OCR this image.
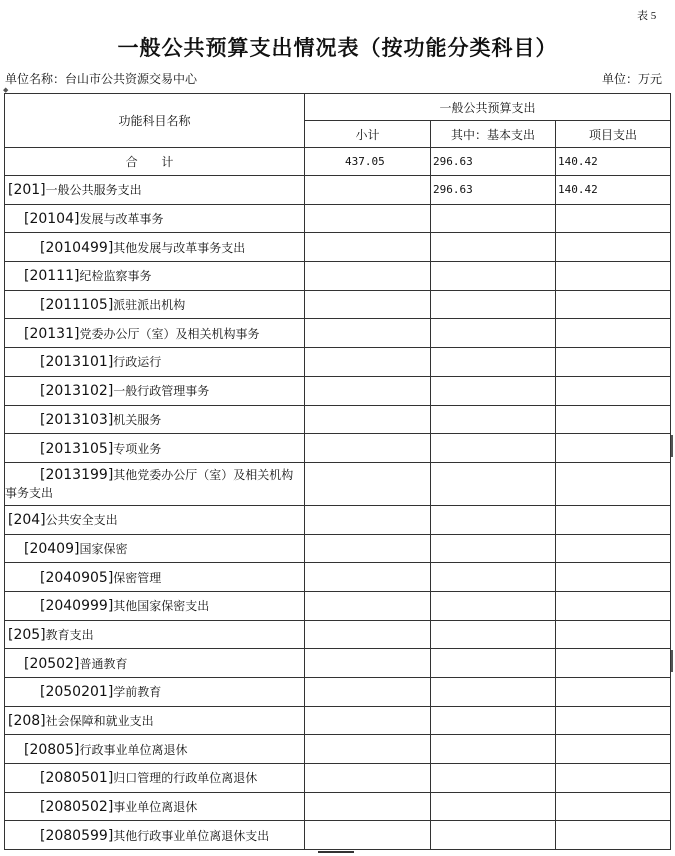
表 5
一般公共预算支出情况表（按功能分类科目）
单位名称：台山市公共资源交易中心	单位：万元
◆
功能科目名称	一般公共预算支出		
	小计	其中：基本支出	项目支出
合 计	437.05	296.63	140.42
[201]一般公共服务支出		296.63	140.42
[20104]发展与改革事务			
[2010499]其他发展与改革事务支出			
[20111]纪检监察事务			
[2011105]派驻派出机构			
[20131]党委办公厅（室）及相关机构事务			
[2013101]行政运行			
[2013102]一般行政管理事务			
[2013103]机关服务			
[2013105]专项业务			
[2013199]其他党委办公厅（室）及相关机构事务支出			
[204]公共安全支出			
[20409]国家保密			
[2040905]保密管理			
[2040999]其他国家保密支出			
[205]教育支出			
[20502]普通教育			
[2050201]学前教育			
[208]社会保障和就业支出			
[20805]行政事业单位离退休			
[2080501]归口管理的行政单位离退休			
[2080502]事业单位离退休			
[2080599]其他行政事业单位离退休支出			
